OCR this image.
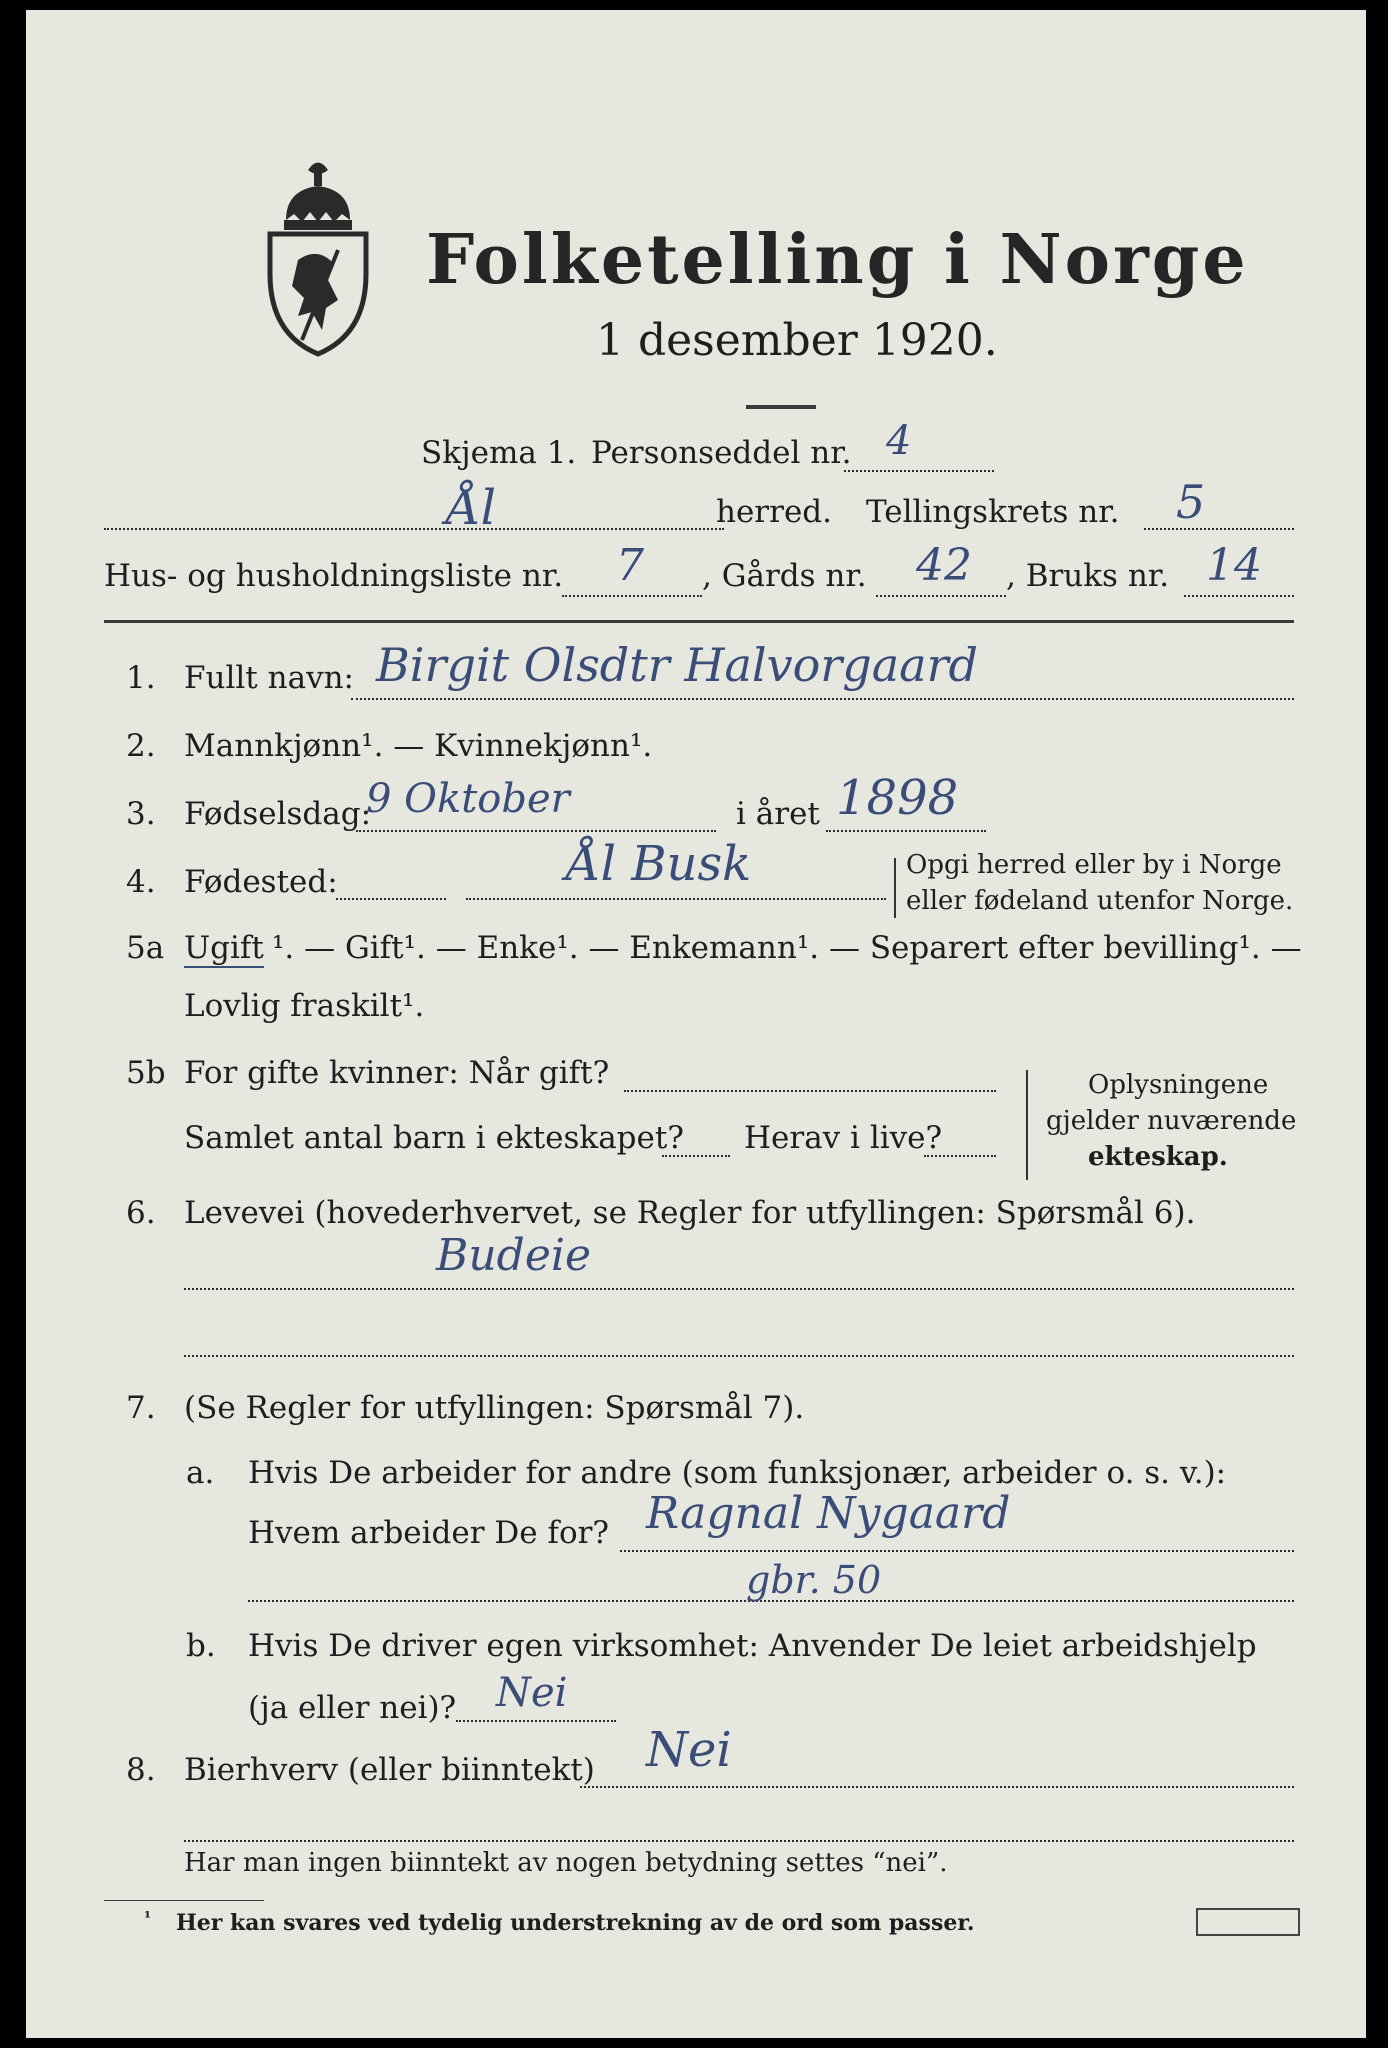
Folketelling i Norge
1 desember 1920.
Skjema 1. Personseddel nr. 4
Ål	herred. Tellingskrets nr. 5
Hus- og husholdningsliste nr. 7 , Gårds nr. 42 , Bruks nr. 14
1. Fullt navn: Birgit Olsdtr Halvorgaard
2. Mannkjønn¹. — Kvinnekjønn¹.
3. Fødselsdag:
9 Oktober	i året 1898
4. Fødested:	Ål Busk	Opgi herred eller by i Norge
eller fødeland utenfor Norge.
5a Ugift ¹. — Gift¹. — Enke¹. — Enkemann¹. — Separert efter bevilling¹. —
Lovlig fraskilt¹.
5b For gifte kvinner: Når gift?
Samlet antal barn i ekteskapet? Herav i live?
Oplysningene
gjelder nuværende
ekteskap.
6. Levevei (hovederhvervet, se Regler for utfyllingen: Spørsmål 6).
Budeie
7. (Se Regler for utfyllingen: Spørsmål 7).
a. Hvis De arbeider for andre (som funksjonær, arbeider o. s. v.):
Hvem arbeider De for? Ragnal Nygaard
gbr. 50
b. Hvis De driver egen virksomhet: Anvender De leiet arbeidshjelp
(ja eller nei)? Nei
8. Bierhverv (eller biinntekt) Nei
Har man ingen biinntekt av nogen betydning settes “nei”.
¹ Her kan svares ved tydelig understrekning av de ord som passer.
